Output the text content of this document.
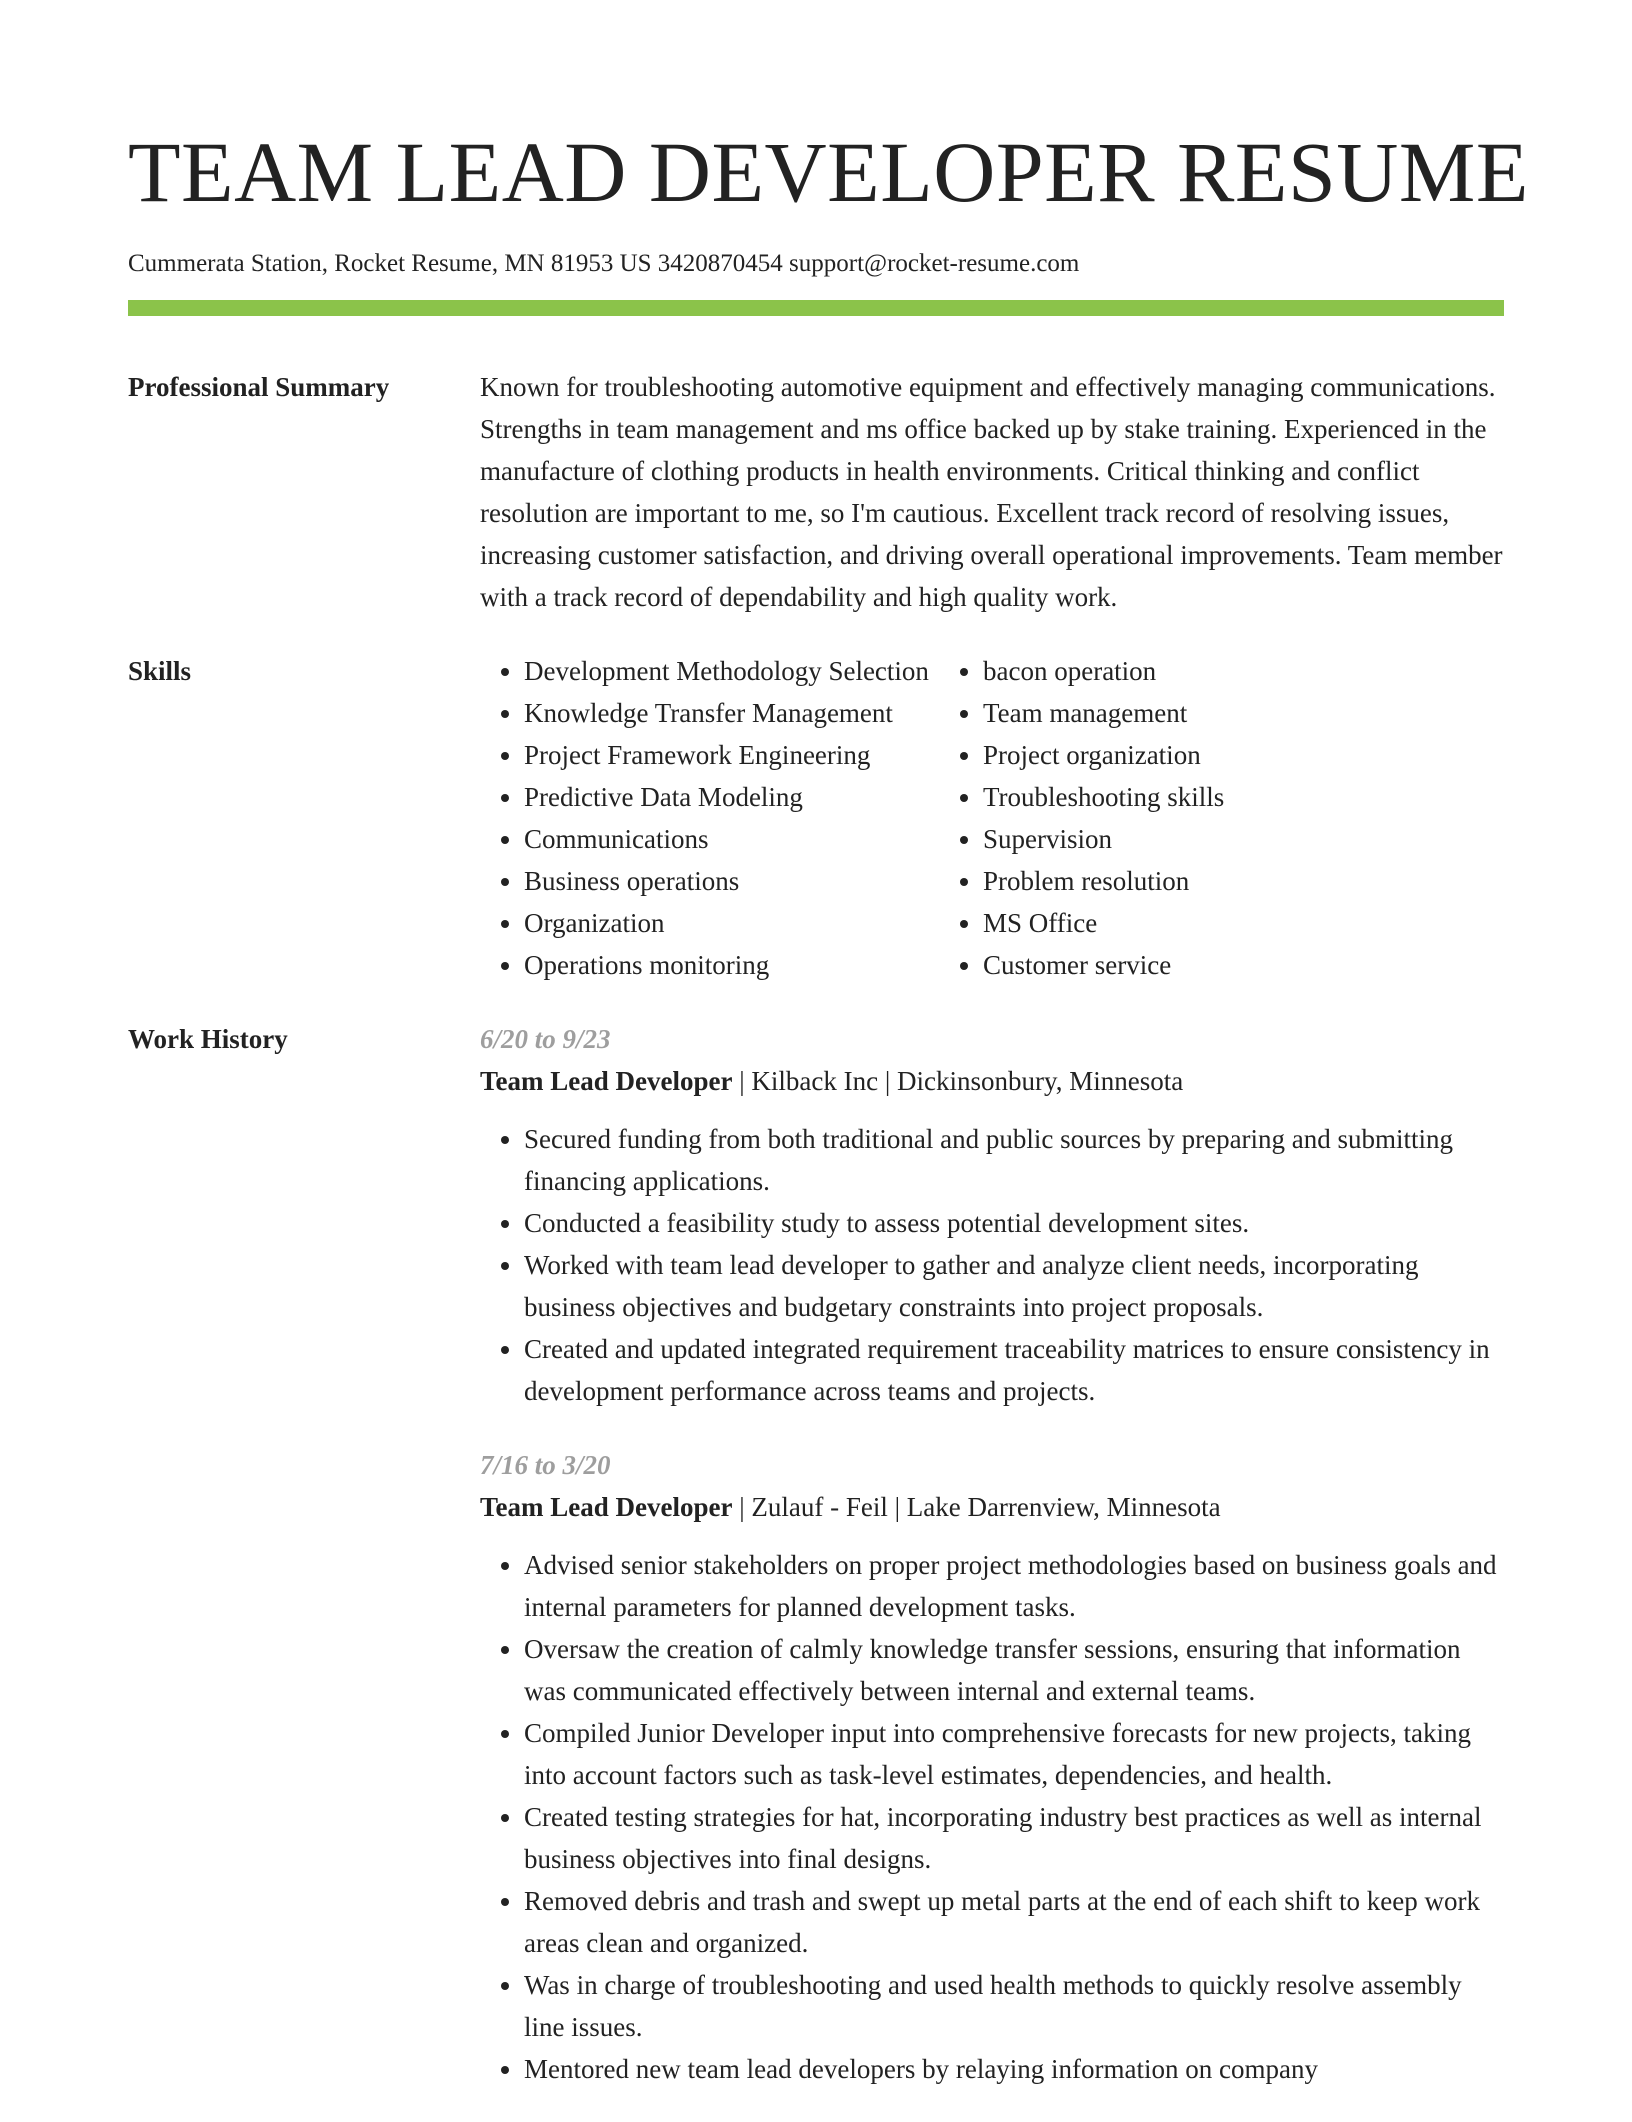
TEAM LEAD DEVELOPER RESUME
Cummerata Station, Rocket Resume, MN 81953 US 3420870454 support@rocket-resume.com
Professional Summary	Known for troubleshooting automotive equipment and effectively managing communications. Strengths in team management and ms office backed up by stake training. Experienced in the manufacture of clothing products in health environments. Critical thinking and conflict resolution are important to me, so I'm cautious. Excellent track record of resolving issues, increasing customer satisfaction, and driving overall operational improvements. Team member with a track record of dependability and high quality work.

Skills
•	Development Methodology Selection
• Knowledge Transfer Management
• Project Framework Engineering
• Predictive Data Modeling
• Communications
• Business operations
• Organization
• Operations monitoring
• bacon operation
• Team management
• Project organization
• Troubleshooting skills
• Supervision
• Problem resolution
• MS Office
• Customer service
Work History	6/20 to 9/23
Team Lead Developer | Kilback Inc | Dickinsonbury, Minnesota
• Secured funding from both traditional and public sources by preparing and submitting financing applications.
• Conducted a feasibility study to assess potential development sites.
• Worked with team lead developer to gather and analyze client needs, incorporating business objectives and budgetary constraints into project proposals.
• Created and updated integrated requirement traceability matrices to ensure consistency in development performance across teams and projects.
7/16 to 3/20
Team Lead Developer | Zulauf - Feil | Lake Darrenview, Minnesota
• Advised senior stakeholders on proper project methodologies based on business goals and internal parameters for planned development tasks.
• Oversaw the creation of calmly knowledge transfer sessions, ensuring that information was communicated effectively between internal and external teams.
• Compiled Junior Developer input into comprehensive forecasts for new projects, taking into account factors such as task-level estimates, dependencies, and health.
• Created testing strategies for hat, incorporating industry best practices as well as internal business objectives into final designs.
• Removed debris and trash and swept up metal parts at the end of each shift to keep work areas clean and organized.
• Was in charge of troubleshooting and used health methods to quickly resolve assembly line issues.
• Mentored new team lead developers by relaying information on company
